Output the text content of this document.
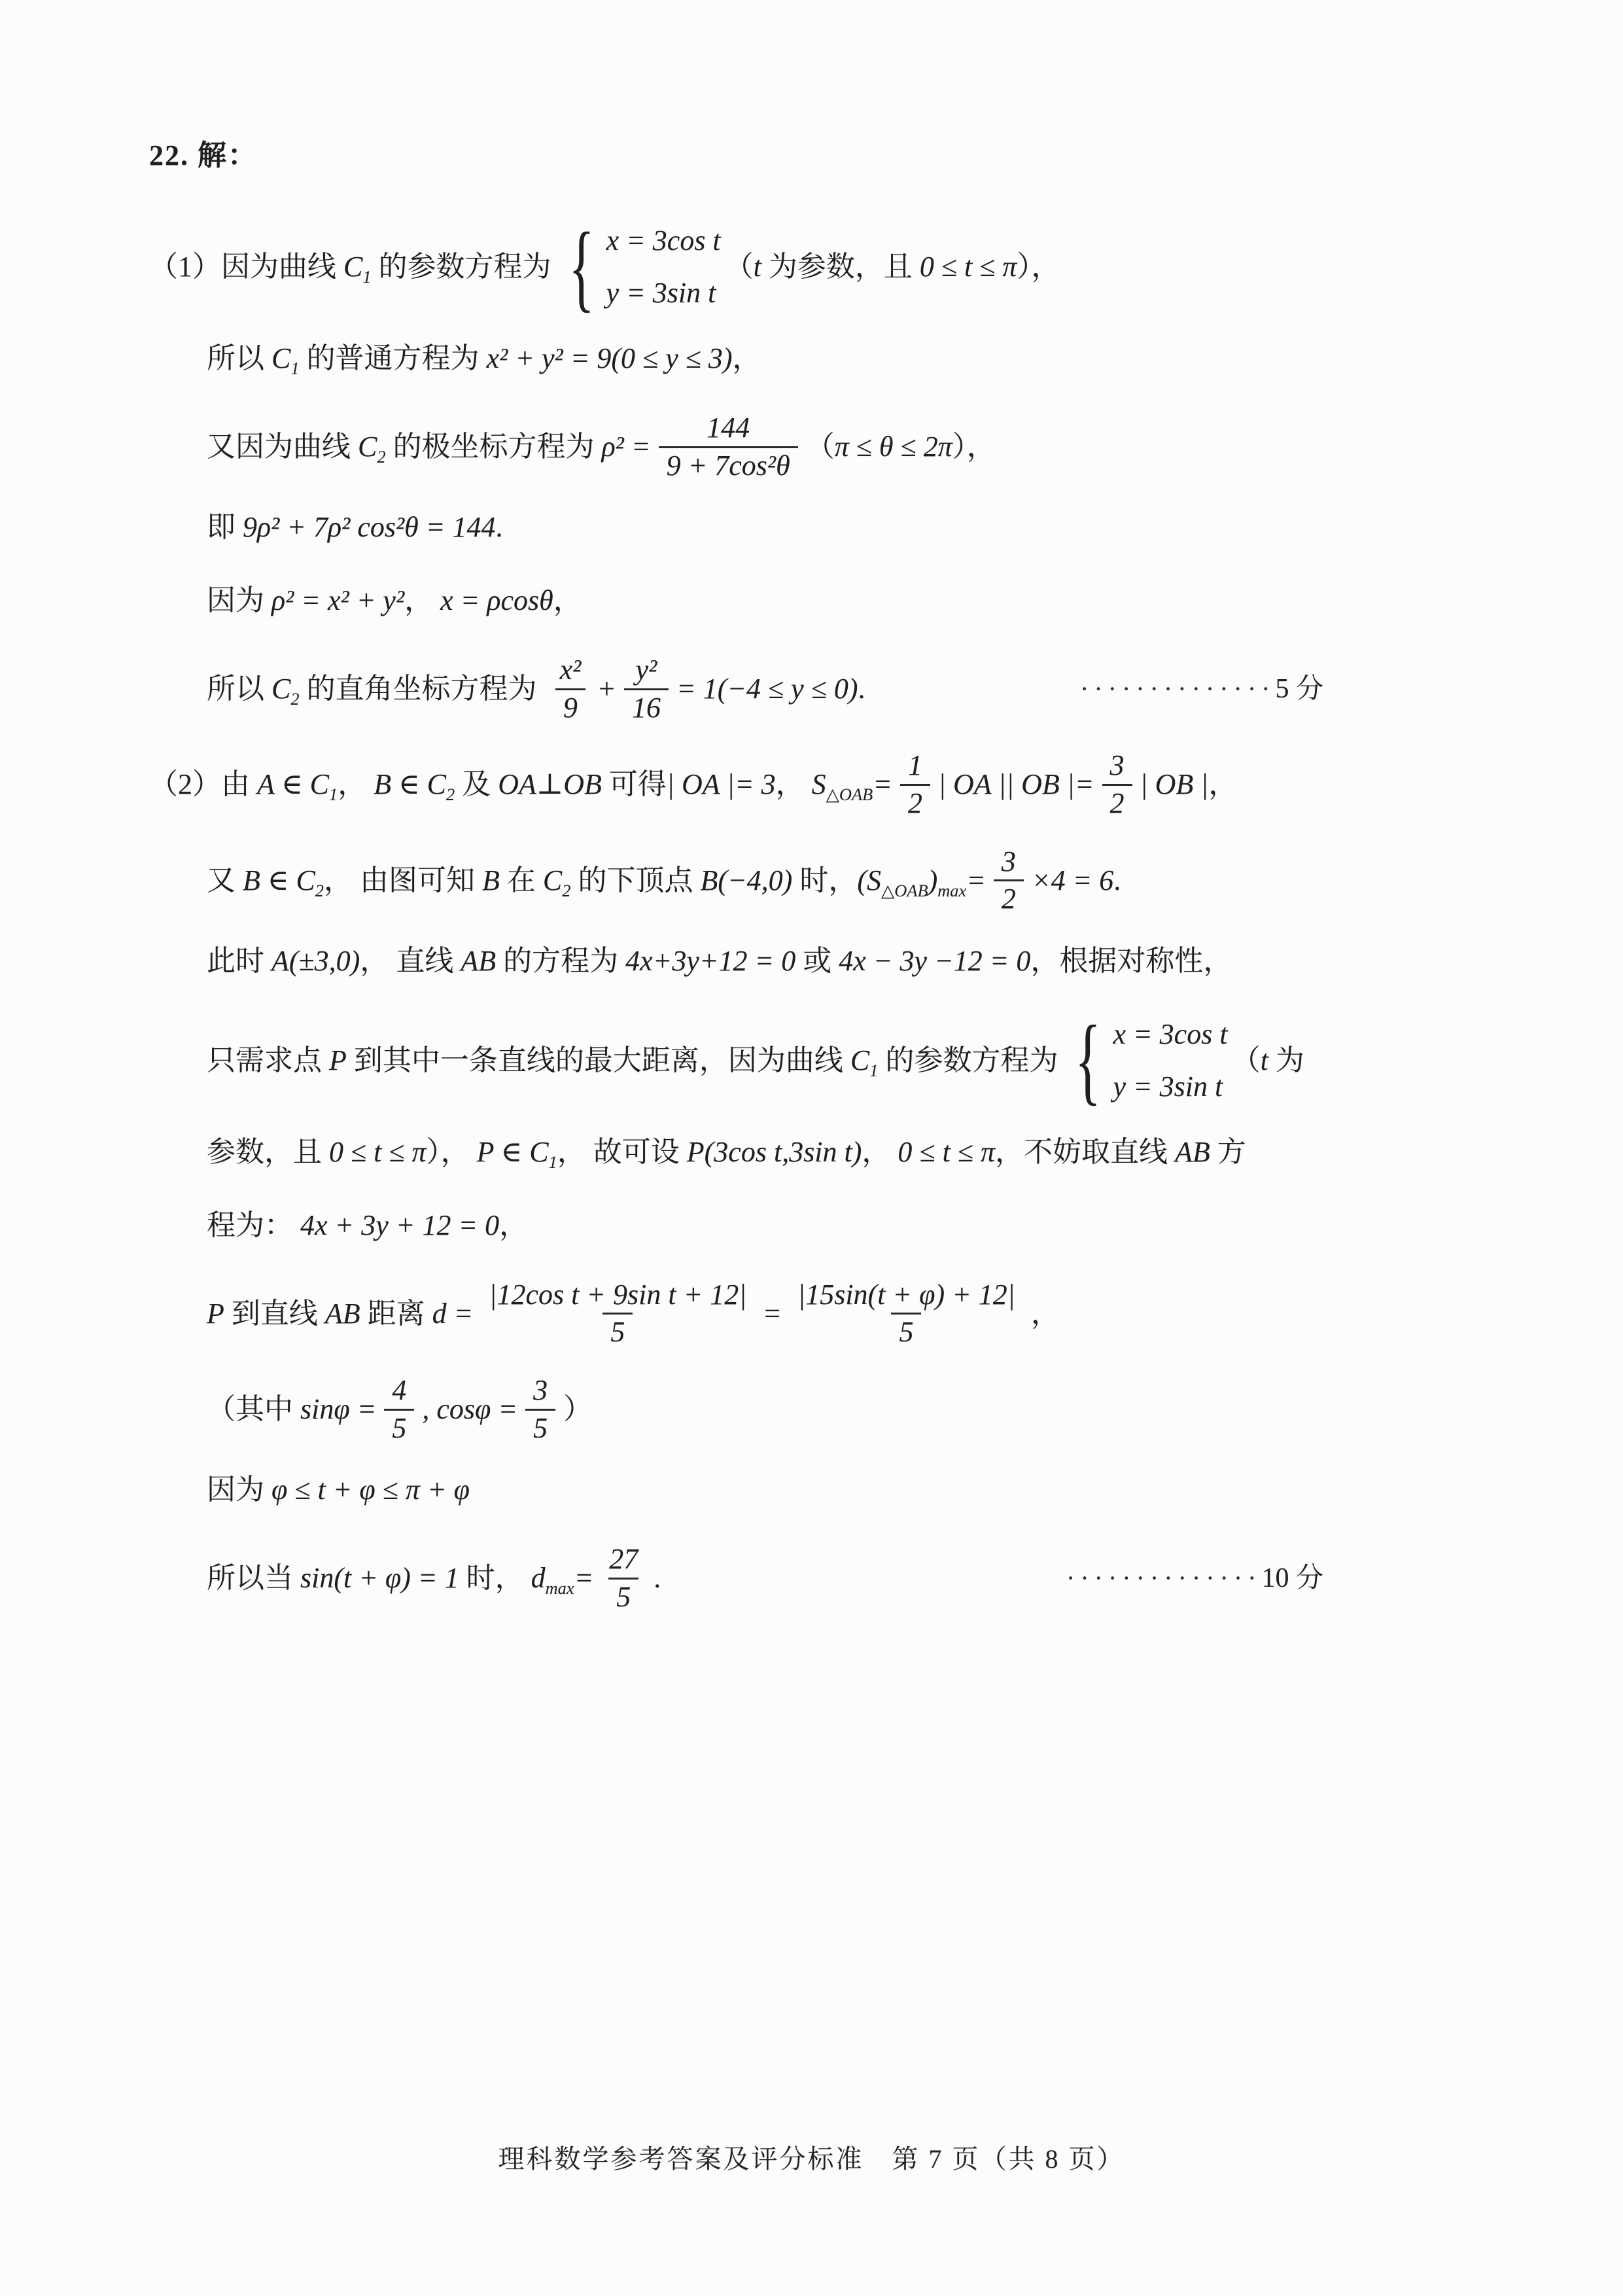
22. 解：
（1）因为曲线 $C_1$ 的参数方程为 { x = 3cos t
y = 3sin t
（ t 为参数，且 0 ≤ t ≤ π ），
所以 $C_1$ 的普通方程为 x² + y² = 9(0 ≤ y ≤ 3) ，
又因为曲线 $C_2$ 的极坐标方程为 $\rho^2 = \frac{144}{\text{9 + 7cos²θ}}$ （ π ≤ θ ≤ 2π ），
即 9ρ² + 7ρ² cos²θ = 144 .
因为 ρ² = x² + y² ， x = ρcosθ ，
所以 $C_2$ 的直角坐标方程为 $\frac{\text{x²}}{9} + \frac{\text{y²}}{16} = 1(-4 \le y \le 0)$ .	·············· 5 分
（2）由 A ∈ $C_1$ ， B ∈ $C_2$ 及 OA⊥OB 可得 | OA |= 3 ， $S_{\triangle OAB} = \frac{1}{2}$ | OA || OB |= $\frac{3}{2}$ | OB | ，
又 B ∈ $C_2$ ， 由图可知 B 在 $C_2$ 的下顶点 B(−4,0) 时， $(S_{\triangle OAB})_{max} = \frac{3}{2} \times 4 = 6$ .
此时 A(±3,0) ， 直线 AB 的方程为 4x+3y+12 = 0 或 4x − 3y −12 = 0 ，根据对称性，
只需求点 P 到其中一条直线的最大距离，因为曲线 $C_1$ 的参数方程为 { x = 3cos t
y = 3sin t
（ t 为
参数，且 0 ≤ t ≤ π ）， P ∈ $C_1$ ， 故可设 P(3cos t,3sin t) ， 0 ≤ t ≤ π ，不妨取直线 AB 方
程为： 4x + 3y + 12 = 0 ，
P 到直线 AB 距离 $d = \frac{\text{|12cos t + 9sin t + 12|}}{5} = \frac{|15\sin(t + \varphi) + 12|}{5}$ ，
（其中 $\sin\varphi = \frac{4}{5}$ , $\cos\varphi = \frac{3}{5}$ ）
因为 φ ≤ t + φ ≤ π + φ
所以当 sin(t + φ) = 1 时， $d_{max} = \frac{27}{5}$ .	·············· 10 分
理科数学参考答案及评分标准　第 7 页（共 8 页）
